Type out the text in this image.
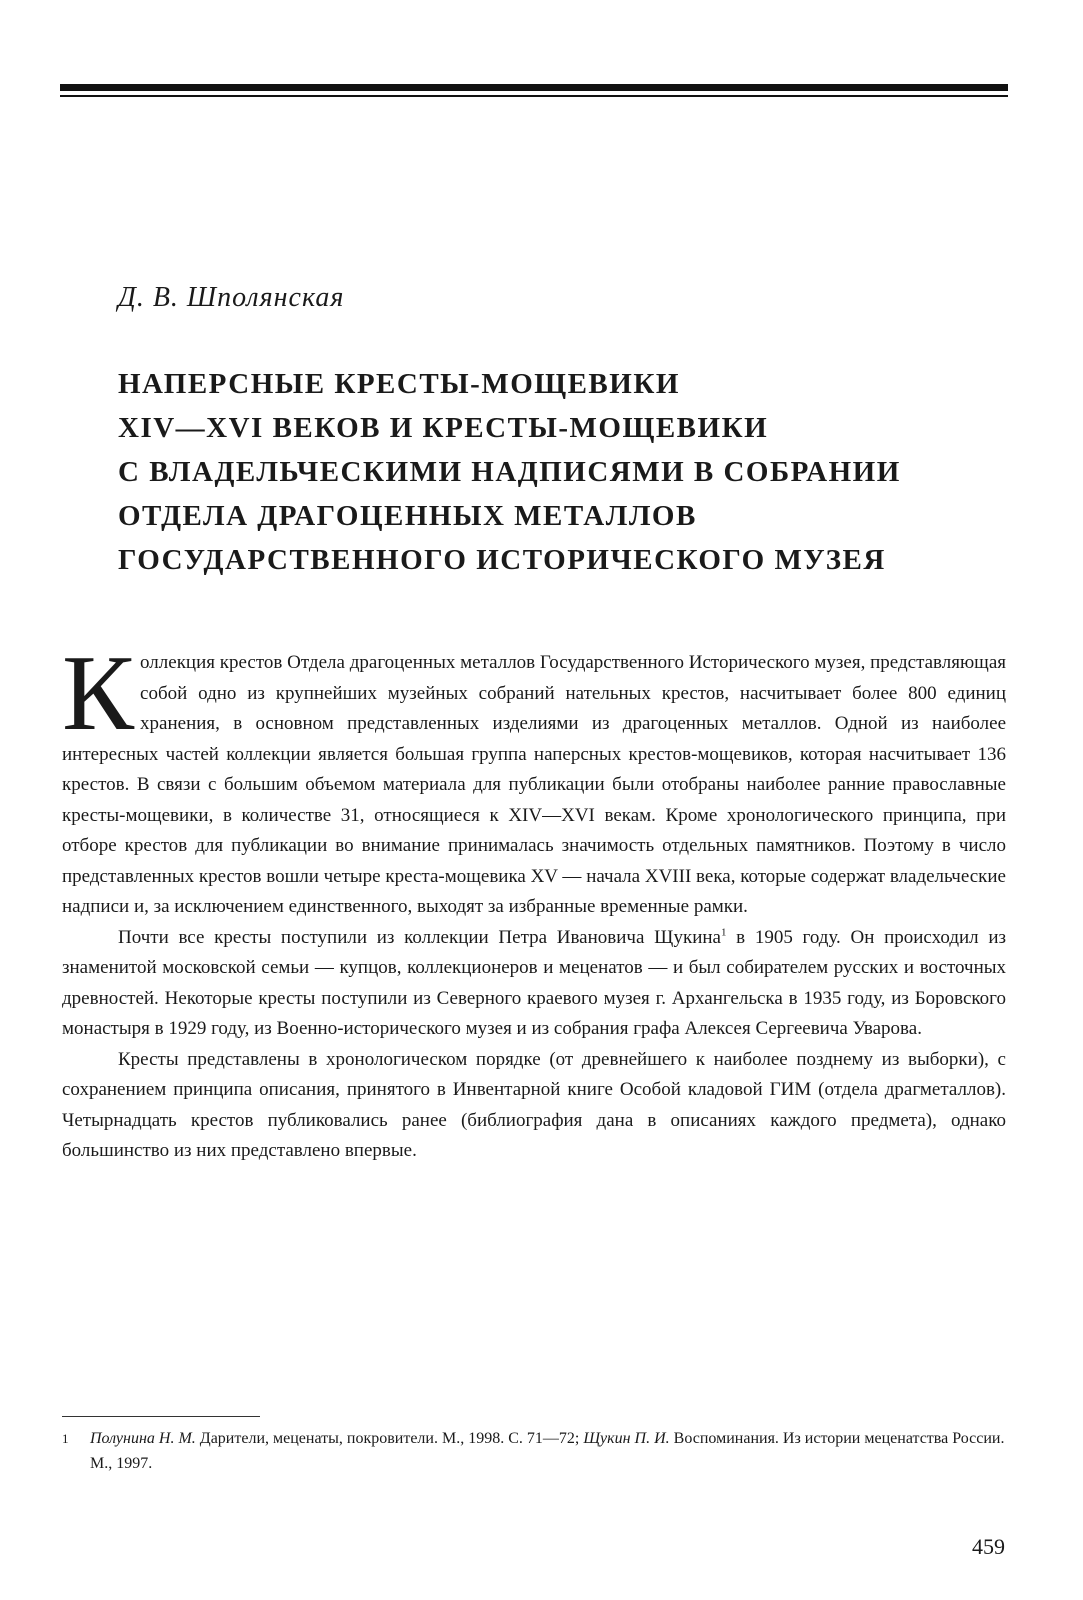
Д. В. Шполянская
НАПЕРСНЫЕ КРЕСТЫ-МОЩЕВИКИ
XIV—XVI ВЕКОВ И КРЕСТЫ-МОЩЕВИКИ
С ВЛАДЕЛЬЧЕСКИМИ НАДПИСЯМИ В СОБРАНИИ
ОТДЕЛА ДРАГОЦЕННЫХ МЕТАЛЛОВ
ГОСУДАРСТВЕННОГО ИСТОРИЧЕСКОГО МУЗЕЯ

Коллекция крестов Отдела драгоценных металлов Государственного Исторического музея, представляющая собой одно из крупнейших музейных собраний нательных крестов, насчитывает более 800 единиц хранения, в основном представленных изделиями из драгоценных металлов. Одной из наиболее интересных частей коллекции является большая группа наперсных крестов-мощевиков, которая насчитывает 136 крестов. В связи с большим объемом материала для публикации были отобраны наиболее ранние православные кресты-мощевики, в количестве 31, относящиеся к XIV—XVI векам. Кроме хронологического принципа, при отборе крестов для публикации во внимание принималась значимость отдельных памятников. Поэтому в число представленных крестов вошли четыре креста-мощевика XV — начала XVIII века, которые содержат владельческие надписи и, за исключением единственного, выходят за избранные временные рамки.

Почти все кресты поступили из коллекции Петра Ивановича Щукина$^1$ в 1905 году. Он происходил из знаменитой московской семьи — купцов, коллекционеров и меценатов — и был собирателем русских и восточных древностей. Некоторые кресты поступили из Северного краевого музея г. Архангельска в 1935 году, из Боровского монастыря в 1929 году, из Военно-исторического музея и из собрания графа Алексея Сергеевича Уварова.

Кресты представлены в хронологическом порядке (от древнейшего к наиболее позднему из выборки), с сохранением принципа описания, принятого в Инвентарной книге Особой кладовой ГИМ (отдела драгметаллов). Четырнадцать крестов публиковались ранее (библиография дана в описаниях каждого предмета), однако большинство из них представлено впервые.

1 Полунина Н. М. Дарители, меценаты, покровители. М., 1998. С. 71—72; Щукин П. И. Воспоминания. Из истории меценатства России. М., 1997.
459
